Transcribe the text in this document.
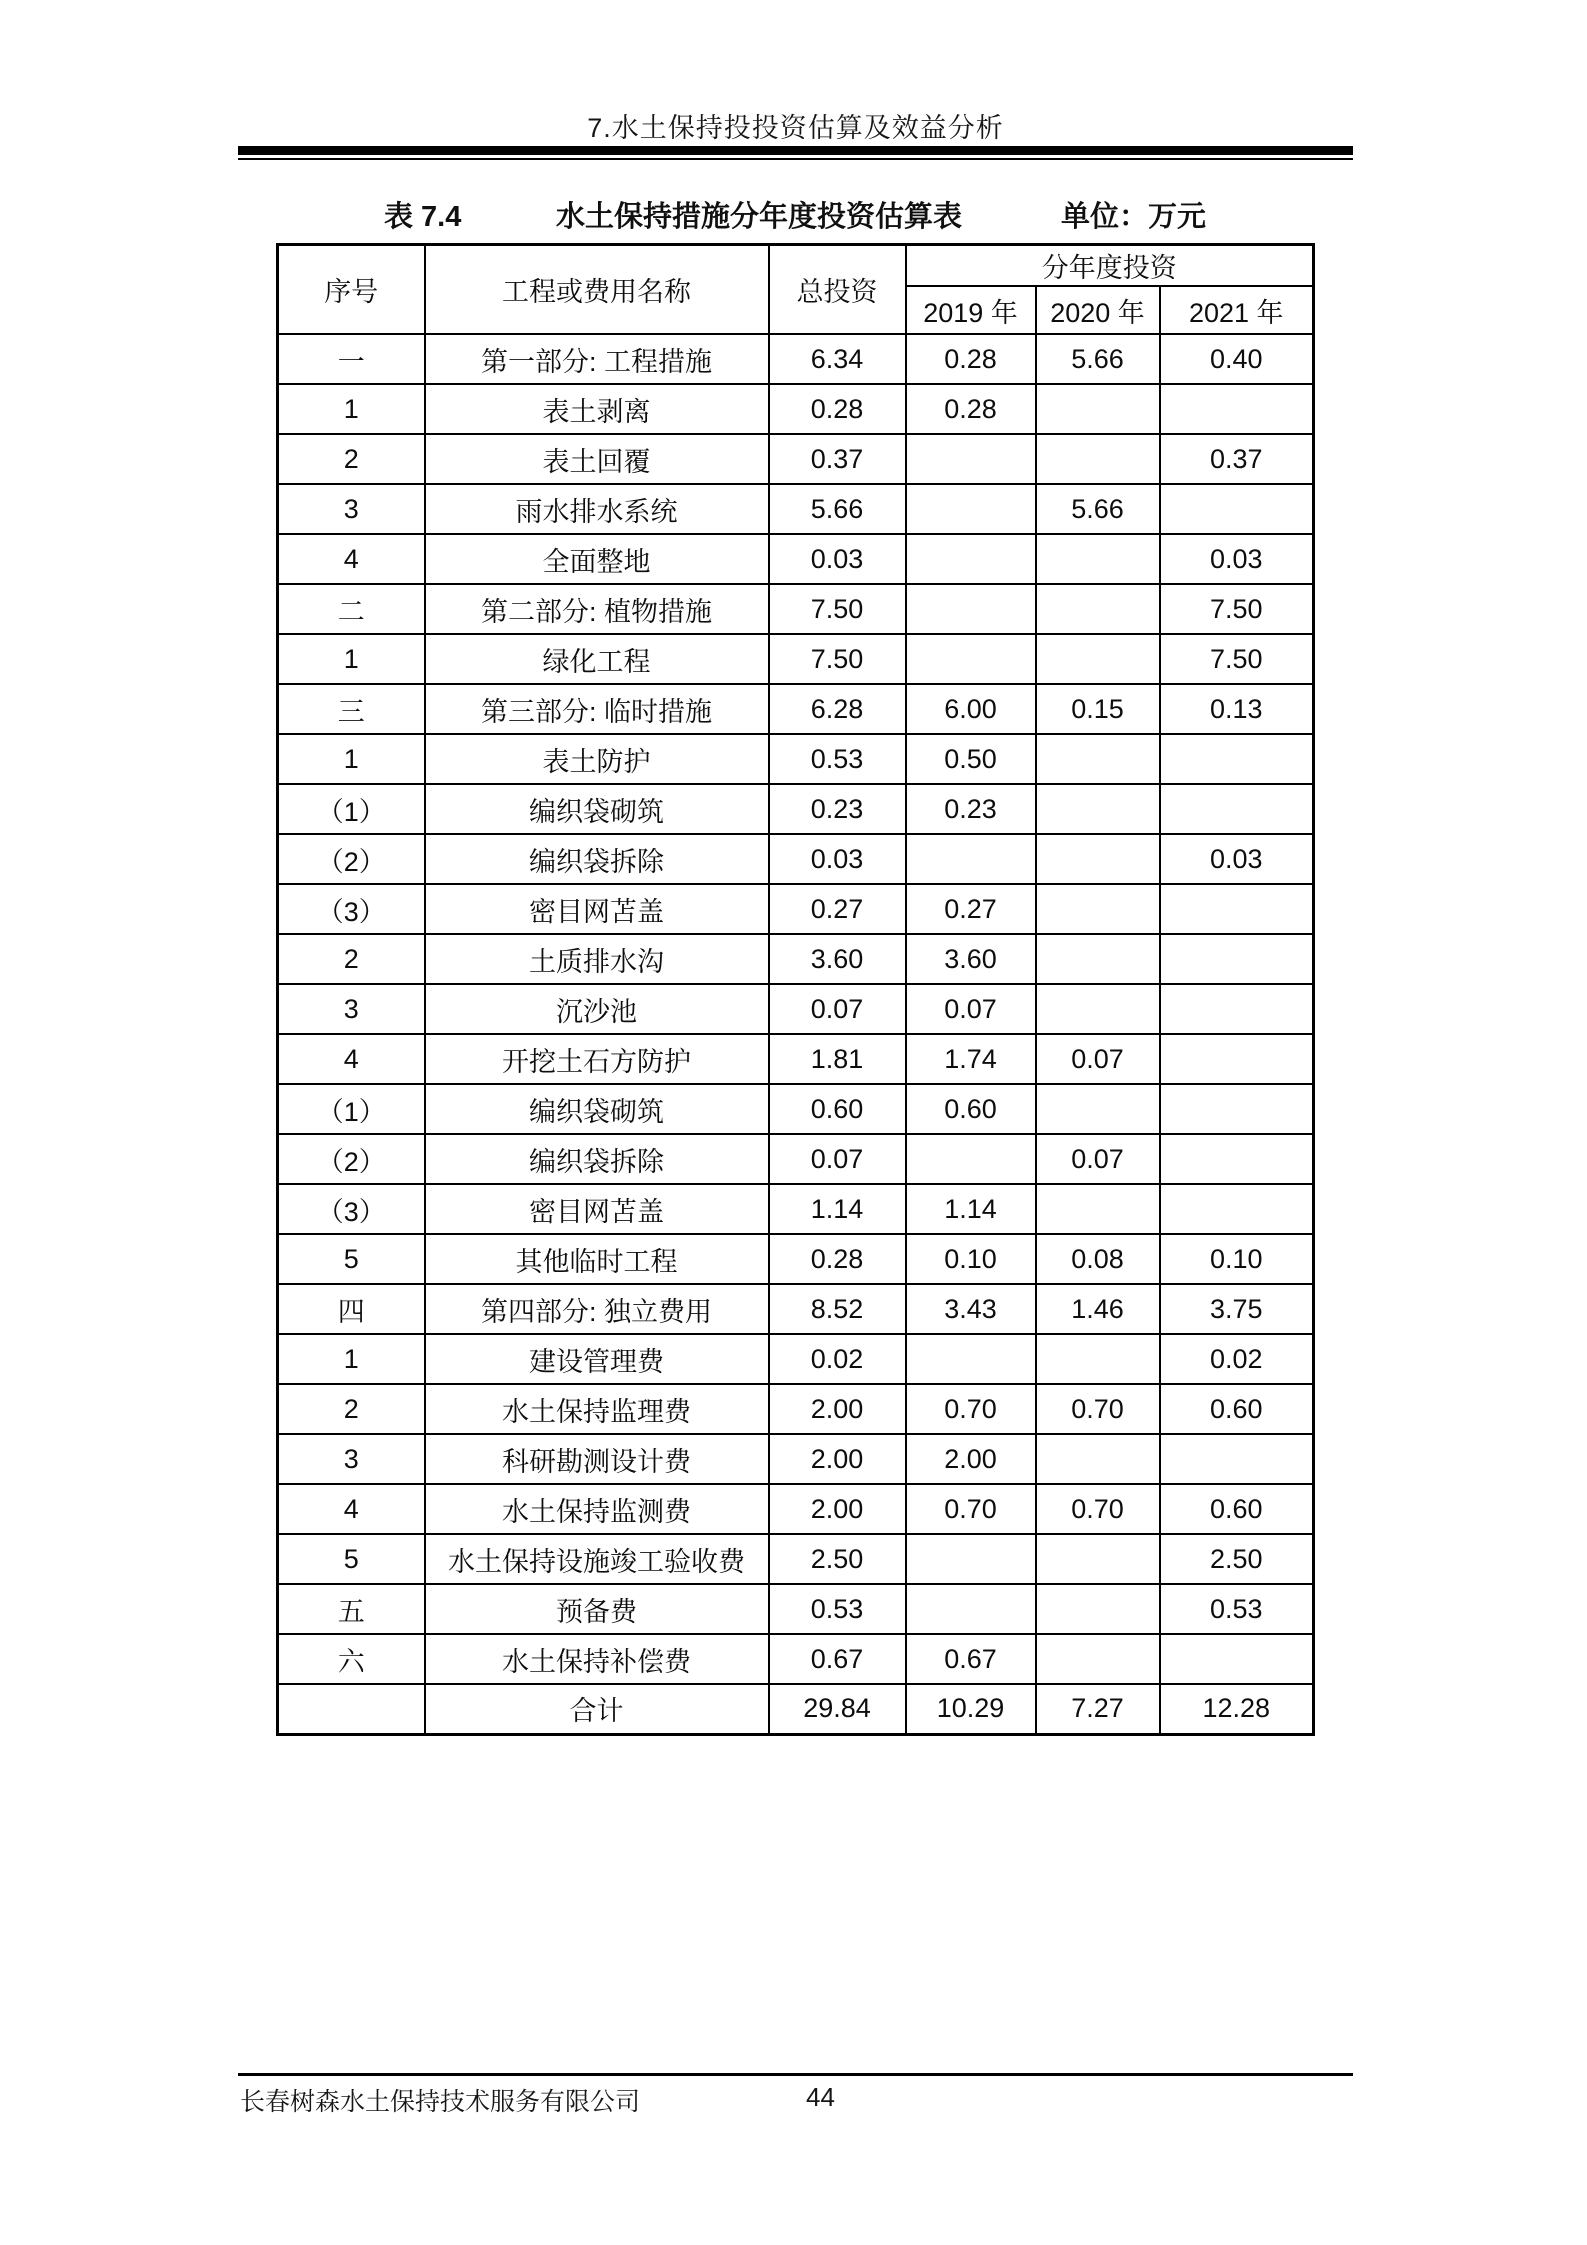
7.水土保持投投资估算及效益分析
表 7.4	水土保持措施分年度投资估算表	单位：万元
序号	工程或费用名称	总投资	分年度投资		
			2019 年	2020 年	2021 年
一	第一部分: 工程措施	6.34	0.28	5.66	0.40
1	表土剥离	0.28	0.28		
2	表土回覆	0.37			0.37
3	雨水排水系统	5.66		5.66	
4	全面整地	0.03			0.03
二	第二部分: 植物措施	7.50			7.50
1	绿化工程	7.50			7.50
三	第三部分: 临时措施	6.28	6.00	0.15	0.13
1	表土防护	0.53	0.50		
（1）	编织袋砌筑	0.23	0.23		
（2）	编织袋拆除	0.03			0.03
（3）	密目网苫盖	0.27	0.27		
2	土质排水沟	3.60	3.60		
3	沉沙池	0.07	0.07		
4	开挖土石方防护	1.81	1.74	0.07	
（1）	编织袋砌筑	0.60	0.60		
（2）	编织袋拆除	0.07		0.07	
（3）	密目网苫盖	1.14	1.14		
5	其他临时工程	0.28	0.10	0.08	0.10
四	第四部分: 独立费用	8.52	3.43	1.46	3.75
1	建设管理费	0.02			0.02
2	水土保持监理费	2.00	0.70	0.70	0.60
3	科研勘测设计费	2.00	2.00		
4	水土保持监测费	2.00	0.70	0.70	0.60
5	水土保持设施竣工验收费	2.50			2.50
五	预备费	0.53			0.53
六	水土保持补偿费	0.67	0.67		
	合计	29.84	10.29	7.27	12.28
长春树森水土保持技术服务有限公司	44
